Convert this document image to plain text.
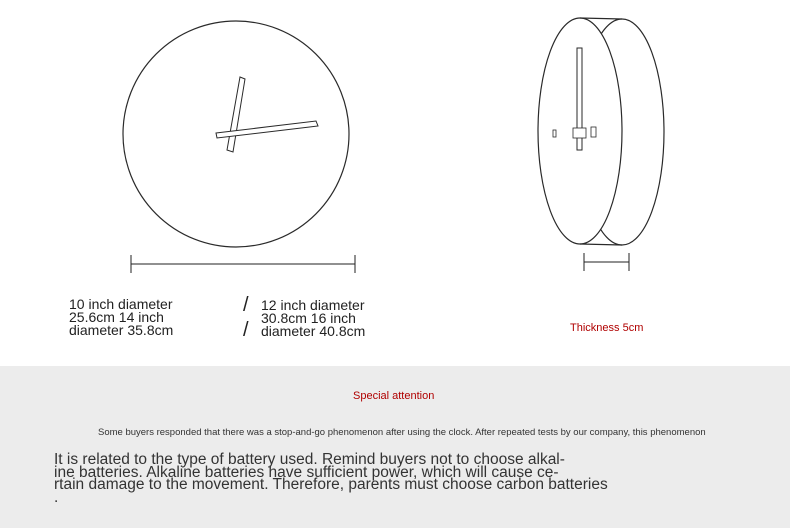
10 inch diameter
25.6cm 14 inch
diameter 35.8cm
/
/
12 inch diameter
30.8cm 16 inch
diameter 40.8cm	Thickness 5cm
Special attention
Some buyers responded that there was a stop-and-go phenomenon after using the clock. After repeated tests by our company, this phenomenon
It is related to the type of battery used. Remind buyers not to choose alkal-
ine batteries. Alkaline batteries have sufficient power, which will cause ce-
rtain damage to the movement. Therefore, parents must choose carbon batteries
.
